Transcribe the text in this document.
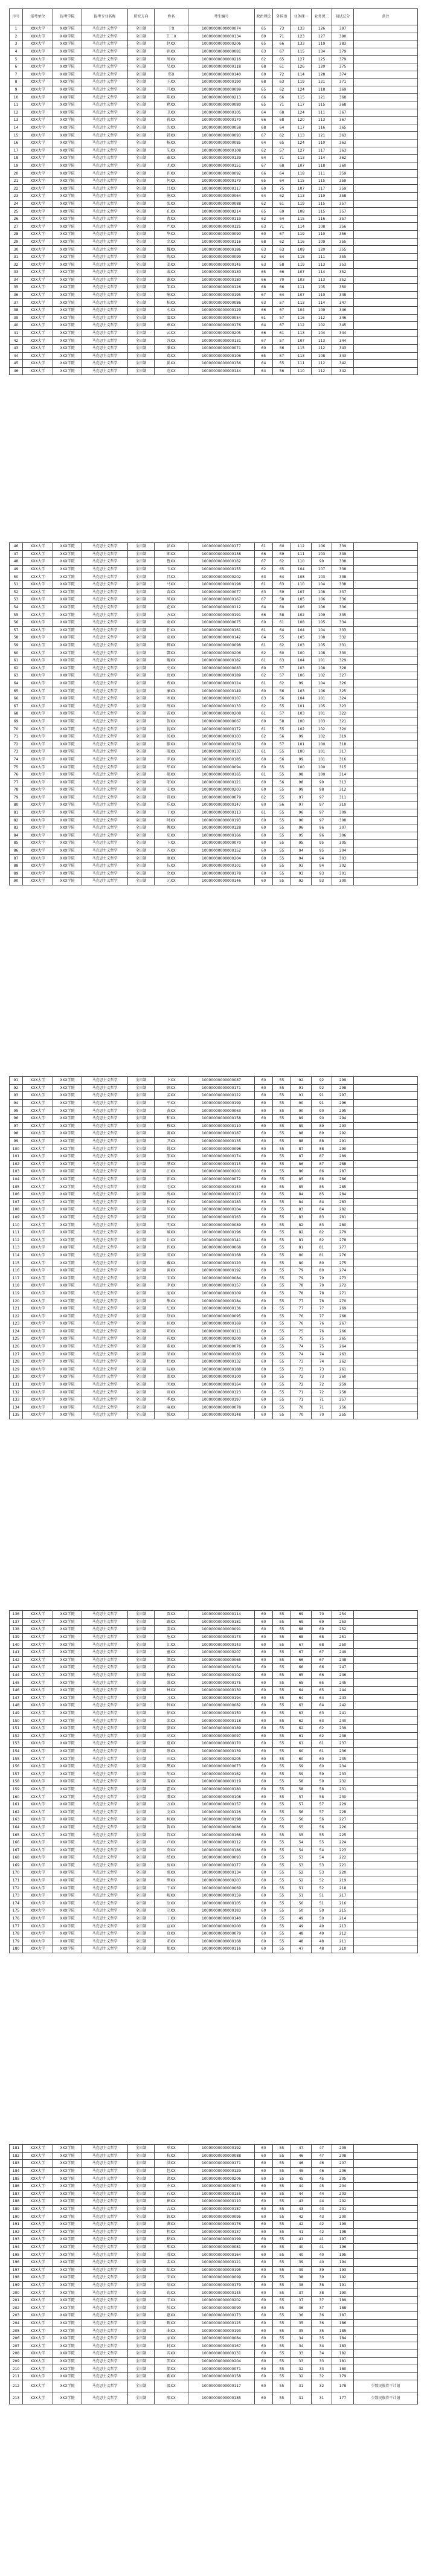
序号	报考单位	报考学院	报考专业名称	研究方向	姓名	考生编号	政治理论	外国语	业务课一	业务课二	初试总分	备注
1	XXX大学	XXX学院	马克思主义哲学	全日制	于X	10000000000000074	65	73	133	126	397	
2	XXX大学	XXX学院	马克思主义哲学	全日制	王二X	10000000000000134	69	71	123	127	390	
3	XXX大学	XXX学院	马克思主义哲学	全日制	赵XX	10000000000000206	65	66	133	119	383	
4	XXX大学	XXX学院	马克思主义哲学	全日制	孙XX	10000000000000081	63	67	115	134	379	
5	XXX大学	XXX学院	马克思主义哲学	全日制	周XX	10000000000000216	62	65	127	125	379	
6	XXX大学	XXX学院	马克思主义哲学	全日制	吴XX	10000000000000118	68	61	126	120	375	
7	XXX大学	XXX学院	马克思主义哲学	全日制	郑X	10000000000000140	60	72	114	128	374	
8	XXX大学	XXX学院	马克思主义哲学	全日制	王XX	10000000000000190	68	63	119	121	371	
9	XXX大学	XXX学院	马克思主义哲学	全日制	冯XX	10000000000000099	65	62	124	118	369	
10	XXX大学	XXX学院	马克思主义哲学	全日制	陈XX	10000000000000213	66	66	115	121	368	
11	XXX大学	XXX学院	马克思主义哲学	全日制	褚XX	10000000000000080	65	71	117	115	368	
12	XXX大学	XXX学院	马克思主义哲学	全日制	卫XX	10000000000000105	64	68	124	111	367	
13	XXX大学	XXX学院	马克思主义哲学	全日制	蒋XX	10000000000000170	66	68	120	113	367	
14	XXX大学	XXX学院	马克思主义哲学	全日制	沈XX	10000000000000058	68	64	117	116	365	
15	XXX大学	XXX学院	马克思主义哲学	全日制	韩XX	10000000000000093	67	62	113	121	363	
16	XXX大学	XXX学院	马克思主义哲学	全日制	杨XX	10000000000000085	64	65	124	110	363	
17	XXX大学	XXX学院	马克思主义哲学	全日制	朱XX	10000000000000108	62	57	127	117	363	
18	XXX大学	XXX学院	马克思主义哲学	全日制	秦XX	10000000000000139	64	71	113	114	362	
19	XXX大学	XXX学院	马克思主义哲学	全日制	尤XX	10000000000000151	67	68	107	118	360	
20	XXX大学	XXX学院	马克思主义哲学	全日制	许XX	10000000000000092	66	64	118	111	359	
21	XXX大学	XXX学院	马克思主义哲学	全日制	何XX	10000000000000179	65	64	115	115	359	
22	XXX大学	XXX学院	马克思主义哲学	全日制	吕XX	10000000000000117	60	75	107	117	359	
23	XXX大学	XXX学院	马克思主义哲学	全日制	施XX	10000000000000064	64	62	113	119	358	
24	XXX大学	XXX学院	马克思主义哲学	全日制	张XX	10000000000000088	62	61	119	115	357	
25	XXX大学	XXX学院	马克思主义哲学	全日制	孔XX	10000000000000214	65	69	108	115	357	
26	XXX大学	XXX学院	马克思主义哲学	全日制	曹XX	10000000000000119	62	64	115	116	357	
27	XXX大学	XXX学院	马克思主义哲学	全日制	严XX	10000000000000125	63	71	114	108	356	
28	XXX大学	XXX学院	马克思主义哲学	全日制	华XX	10000000000000090	60	67	119	110	356	
29	XXX大学	XXX学院	马克思主义哲学	全日制	金XX	10000000000000116	68	62	116	109	355	
30	XXX大学	XXX学院	马克思主义哲学	全日制	魏XX	10000000000000186	63	63	109	120	355	
31	XXX大学	XXX学院	马克思主义哲学	全日制	陶XX	10000000000000099	62	64	118	111	355	
32	XXX大学	XXX学院	马克思主义哲学	全日制	姜XX	10000000000000145	63	58	119	113	353	
33	XXX大学	XXX学院	马克思主义哲学	全日制	戚XX	10000000000000130	65	66	107	114	352	
34	XXX大学	XXX学院	马克思主义哲学	全日制	谢XX	10000000000000180	66	70	103	113	352	
35	XXX大学	XXX学院	马克思主义哲学	全日制	邹XX	10000000000000126	68	66	111	105	350	
36	XXX大学	XXX学院	马克思主义哲学	全日制	喻XX	10000000000000195	67	64	107	110	348	
37	XXX大学	XXX学院	马克思主义哲学	全日制	柏XX	10000000000000086	63	57	113	114	347	
38	XXX大学	XXX学院	马克思主义哲学	全日制	水XX	10000000000000129	66	67	104	109	346	
39	XXX大学	XXX学院	马克思主义哲学	全日制	窦XX	10000000000000054	61	57	116	112	346	
40	XXX大学	XXX学院	马克思主义哲学	全日制	章XX	10000000000000176	64	67	112	102	345	
41	XXX大学	XXX学院	马克思主义哲学	全日制	云XX	10000000000000205	66	61	113	104	344	
42	XXX大学	XXX学院	马克思主义哲学	全日制	苏XX	10000000000000131	67	57	107	113	344	
43	XXX大学	XXX学院	马克思主义哲学	全日制	潘XX	10000000000000071	60	56	115	112	343	
44	XXX大学	XXX学院	马克思主义哲学	全日制	葛XX	10000000000000106	65	57	113	108	343	
45	XXX大学	XXX学院	马克思主义哲学	全日制	奚XX	10000000000000156	64	55	111	112	342	
46	XXX大学	XXX学院	马克思主义哲学	全日制	范XX	10000000000000144	64	56	110	112	342	
46	XXX大学	XXX学院	马克思主义哲学	全日制	彭XX	10000000000000177	61	60	112	106	339	
47	XXX大学	XXX学院	马克思主义哲学	全日制	郎XX	10000000000000138	66	59	111	103	339	
48	XXX大学	XXX学院	马克思主义哲学	全日制	鲁XX	10000000000000162	67	62	110	99	338	
49	XXX大学	XXX学院	马克思主义哲学	全日制	韦XX	10000000000000155	62	65	104	107	338	
50	XXX大学	XXX学院	马克思主义哲学	全日制	昌XX	10000000000000202	63	64	108	103	338	
51	XXX大学	XXX学院	马克思主义哲学	全日制	马XX	10000000000000198	61	63	110	104	338	
52	XXX大学	XXX学院	马克思主义哲学	全日制	苗XX	10000000000000077	63	59	107	108	337	
53	XXX大学	XXX学院	马克思主义哲学	全日制	凤XX	10000000000000167	67	58	105	106	336	
54	XXX大学	XXX学院	马克思主义哲学	全日制	花XX	10000000000000112	64	60	106	106	336	
55	XXX大学	XXX学院	马克思主义哲学	全日制	方XX	10000000000000191	66	58	102	109	335	
56	XXX大学	XXX学院	马克思主义哲学	全日制	俞XX	10000000000000075	60	61	108	105	334	
57	XXX大学	XXX学院	马克思主义哲学	全日制	任XX	10000000000000161	61	64	104	104	333	
58	XXX大学	XXX学院	马克思主义哲学	全日制	袁XX	10000000000000142	64	55	105	108	332	
59	XXX大学	XXX学院	马克思主义哲学	全日制	柳XX	10000000000000098	61	62	103	105	331	
60	XXX大学	XXX学院	马克思主义哲学	全日制	酆XX	10000000000000206	62	60	100	108	330	
61	XXX大学	XXX学院	马克思主义哲学	全日制	鲍XX	10000000000000182	61	63	104	101	329	
62	XXX大学	XXX学院	马克思主义哲学	全日制	史XX	10000000000000083	60	57	103	108	328	
63	XXX大学	XXX学院	马克思主义哲学	全日制	唐XX	10000000000000189	62	57	106	102	327	
64	XXX大学	XXX学院	马克思主义哲学	全日制	费XX	10000000000000124	61	62	99	104	326	
65	XXX大学	XXX学院	马克思主义哲学	全日制	廉XX	10000000000000149	60	56	103	106	325	
66	XXX大学	XXX学院	马克思主义哲学	全日制	岑XX	10000000000000107	63	56	104	101	324	
67	XXX大学	XXX学院	马克思主义哲学	全日制	薛XX	10000000000000133	62	55	101	105	323	
68	XXX大学	XXX学院	马克思主义哲学	全日制	雷XX	10000000000000208	61	57	103	101	322	
69	XXX大学	XXX学院	马克思主义哲学	全日制	贺XX	10000000000000067	60	58	100	103	321	
70	XXX大学	XXX学院	马克思主义哲学	全日制	倪XX	10000000000000172	61	55	102	102	320	
71	XXX大学	XXX学院	马克思主义哲学	全日制	汤XX	10000000000000103	62	56	99	102	319	
72	XXX大学	XXX学院	马克思主义哲学	全日制	滕XX	10000000000000159	60	57	101	100	318	
73	XXX大学	XXX学院	马克思主义哲学	全日制	殷XX	10000000000000137	61	55	100	101	317	
74	XXX大学	XXX学院	马克思主义哲学	全日制	罗XX	10000000000000185	60	56	99	101	316	
75	XXX大学	XXX学院	马克思主义哲学	全日制	毕XX	10000000000000094	60	55	100	100	315	
76	XXX大学	XXX学院	马克思主义哲学	全日制	郝XX	10000000000000165	61	55	98	100	314	
77	XXX大学	XXX学院	马克思主义哲学	全日制	邬XX	10000000000000121	60	56	98	99	313	
78	XXX大学	XXX学院	马克思主义哲学	全日制	安XX	10000000000000203	60	55	99	98	312	
79	XXX大学	XXX学院	马克思主义哲学	全日制	常XX	10000000000000079	62	55	97	97	311	
80	XXX大学	XXX学院	马克思主义哲学	全日制	乐XX	10000000000000147	60	56	97	97	310	
81	XXX大学	XXX学院	马克思主义哲学	全日制	于XX	10000000000000113	61	55	96	97	309	
82	XXX大学	XXX学院	马克思主义哲学	全日制	时XX	10000000000000193	60	55	96	97	308	
83	XXX大学	XXX学院	马克思主义哲学	全日制	傅XX	10000000000000128	60	55	96	96	307	
84	XXX大学	XXX学院	马克思主义哲学	全日制	皮XX	10000000000000166	60	55	95	96	306	
85	XXX大学	XXX学院	马克思主义哲学	全日制	卞XX	10000000000000070	60	55	95	95	305	
86	XXX大学	XXX学院	马克思主义哲学	全日制	齐XX	10000000000000152	60	55	94	95	304	
87	XXX大学	XXX学院	马克思主义哲学	全日制	康XX	10000000000000204	60	55	94	94	303	
88	XXX大学	XXX学院	马克思主义哲学	全日制	伍XX	10000000000000101	60	55	93	94	302	
89	XXX大学	XXX学院	马克思主义哲学	全日制	余XX	10000000000000178	60	55	93	93	301	
90	XXX大学	XXX学院	马克思主义哲学	全日制	元XX	10000000000000146	60	55	92	93	300	
91	XXX大学	XXX学院	马克思主义哲学	全日制	卜XX	10000000000000087	60	55	92	92	299	
92	XXX大学	XXX学院	马克思主义哲学	全日制	顾XX	10000000000000171	60	55	91	92	298	
93	XXX大学	XXX学院	马克思主义哲学	全日制	孟XX	10000000000000122	60	55	91	91	297	
94	XXX大学	XXX学院	马克思主义哲学	全日制	平XX	10000000000000199	60	55	90	91	296	
95	XXX大学	XXX学院	马克思主义哲学	全日制	黄XX	10000000000000063	60	55	90	90	295	
96	XXX大学	XXX学院	马克思主义哲学	全日制	和XX	10000000000000158	60	55	89	90	294	
97	XXX大学	XXX学院	马克思主义哲学	全日制	穆XX	10000000000000110	60	55	89	89	293	
98	XXX大学	XXX学院	马克思主义哲学	全日制	萧XX	10000000000000187	60	55	88	89	292	
99	XXX大学	XXX学院	马克思主义哲学	全日制	尹XX	10000000000000135	60	55	88	88	291	
100	XXX大学	XXX学院	马克思主义哲学	全日制	姚XX	10000000000000096	60	55	87	88	290	
101	XXX大学	XXX学院	马克思主义哲学	全日制	邵XX	10000000000000174	60	55	87	87	289	
102	XXX大学	XXX学院	马克思主义哲学	全日制	湛XX	10000000000000115	60	55	86	87	288	
103	XXX大学	XXX学院	马克思主义哲学	全日制	汪XX	10000000000000201	60	55	86	86	287	
104	XXX大学	XXX学院	马克思主义哲学	全日制	祁XX	10000000000000072	60	55	85	86	286	
105	XXX大学	XXX学院	马克思主义哲学	全日制	毛XX	10000000000000153	60	55	85	85	285	
106	XXX大学	XXX学院	马克思主义哲学	全日制	禹XX	10000000000000127	60	55	84	85	284	
107	XXX大学	XXX学院	马克思主义哲学	全日制	狄XX	10000000000000183	60	55	84	84	283	
108	XXX大学	XXX学院	马克思主义哲学	全日制	米XX	10000000000000104	60	55	83	84	282	
109	XXX大学	XXX学院	马克思主义哲学	全日制	贝XX	10000000000000163	60	55	83	83	281	
110	XXX大学	XXX学院	马克思主义哲学	全日制	明XX	10000000000000089	60	55	82	83	280	
111	XXX大学	XXX学院	马克思主义哲学	全日制	臧XX	10000000000000196	60	55	82	82	279	
112	XXX大学	XXX学院	马克思主义哲学	全日制	计XX	10000000000000141	60	55	81	82	278	
113	XXX大学	XXX学院	马克思主义哲学	全日制	伏XX	10000000000000068	60	55	81	81	277	
114	XXX大学	XXX学院	马克思主义哲学	全日制	成XX	10000000000000168	60	55	80	81	276	
115	XXX大学	XXX学院	马克思主义哲学	全日制	戴XX	10000000000000120	60	55	80	80	275	
116	XXX大学	XXX学院	马克思主义哲学	全日制	谈XX	10000000000000192	60	55	79	80	274	
117	XXX大学	XXX学院	马克思主义哲学	全日制	宋XX	10000000000000084	60	55	79	79	273	
118	XXX大学	XXX学院	马克思主义哲学	全日制	茅XX	10000000000000157	60	55	78	79	272	
119	XXX大学	XXX学院	马克思主义哲学	全日制	庞XX	10000000000000109	60	55	78	78	271	
120	XXX大学	XXX学院	马克思主义哲学	全日制	熊XX	10000000000000184	60	55	77	78	270	
121	XXX大学	XXX学院	马克思主义哲学	全日制	纪XX	10000000000000136	60	55	77	77	269	
122	XXX大学	XXX学院	马克思主义哲学	全日制	舒XX	10000000000000095	60	55	76	77	268	
123	XXX大学	XXX学院	马克思主义哲学	全日制	屈XX	10000000000000169	60	55	76	76	267	
124	XXX大学	XXX学院	马克思主义哲学	全日制	项XX	10000000000000111	60	55	75	76	266	
125	XXX大学	XXX学院	马克思主义哲学	全日制	祝XX	10000000000000200	60	55	75	75	265	
126	XXX大学	XXX学院	马克思主义哲学	全日制	董XX	10000000000000076	60	55	74	75	264	
127	XXX大学	XXX学院	马克思主义哲学	全日制	梁XX	10000000000000160	60	55	74	74	263	
128	XXX大学	XXX学院	马克思主义哲学	全日制	杜XX	10000000000000132	60	55	73	74	262	
129	XXX大学	XXX学院	马克思主义哲学	全日制	阮XX	10000000000000188	60	55	73	73	261	
130	XXX大学	XXX学院	马克思主义哲学	全日制	蓝XX	10000000000000100	60	55	72	73	260	
131	XXX大学	XXX学院	马克思主义哲学	全日制	闵XX	10000000000000164	60	55	72	72	259	
132	XXX大学	XXX学院	马克思主义哲学	全日制	席XX	10000000000000123	60	55	71	72	258	
133	XXX大学	XXX学院	马克思主义哲学	全日制	季XX	10000000000000197	60	55	71	71	257	
134	XXX大学	XXX学院	马克思主义哲学	全日制	麻XX	10000000000000078	60	55	70	71	256	
135	XXX大学	XXX学院	马克思主义哲学	全日制	强XX	10000000000000148	60	55	70	70	255	
136	XXX大学	XXX学院	马克思主义哲学	全日制	贾XX	10000000000000114	60	55	69	70	254	
137	XXX大学	XXX学院	马克思主义哲学	全日制	路XX	10000000000000181	60	55	69	69	253	
138	XXX大学	XXX学院	马克思主义哲学	全日制	娄XX	10000000000000091	60	55	68	69	252	
139	XXX大学	XXX学院	马克思主义哲学	全日制	危XX	10000000000000173	60	55	68	68	251	
140	XXX大学	XXX学院	马克思主义哲学	全日制	江XX	10000000000000143	60	55	67	68	250	
141	XXX大学	XXX学院	马克思主义哲学	全日制	童XX	10000000000000207	60	55	67	67	249	
142	XXX大学	XXX学院	马克思主义哲学	全日制	颜XX	10000000000000065	60	55	66	67	248	
143	XXX大学	XXX学院	马克思主义哲学	全日制	郭XX	10000000000000154	60	55	66	66	247	
144	XXX大学	XXX学院	马克思主义哲学	全日制	梅XX	10000000000000102	60	55	65	66	246	
145	XXX大学	XXX学院	马克思主义哲学	全日制	盛XX	10000000000000175	60	55	65	65	245	
146	XXX大学	XXX学院	马克思主义哲学	全日制	林XX	10000000000000130	60	55	64	65	244	
147	XXX大学	XXX学院	马克思主义哲学	全日制	刁XX	10000000000000194	60	55	64	64	243	
148	XXX大学	XXX学院	马克思主义哲学	全日制	钟XX	10000000000000082	60	55	63	64	242	
149	XXX大学	XXX学院	马克思主义哲学	全日制	徐XX	10000000000000150	60	55	63	63	241	
150	XXX大学	XXX学院	马克思主义哲学	全日制	邱XX	10000000000000118	60	55	62	63	240	
151	XXX大学	XXX学院	马克思主义哲学	全日制	骆XX	10000000000000189	60	55	62	62	239	
152	XXX大学	XXX学院	马克思主义哲学	全日制	高XX	10000000000000097	60	55	61	62	238	
153	XXX大学	XXX学院	马克思主义哲学	全日制	夏XX	10000000000000170	60	55	61	61	237	
154	XXX大学	XXX学院	马克思主义哲学	全日制	蔡XX	10000000000000139	60	55	60	61	236	
155	XXX大学	XXX学院	马克思主义哲学	全日制	田XX	10000000000000205	60	55	60	60	235	
156	XXX大学	XXX学院	马克思主义哲学	全日制	樊XX	10000000000000073	60	55	59	60	234	
157	XXX大学	XXX学院	马克思主义哲学	全日制	胡XX	10000000000000162	60	55	59	59	233	
158	XXX大学	XXX学院	马克思主义哲学	全日制	凌XX	10000000000000119	60	55	58	59	232	
159	XXX大学	XXX学院	马克思主义哲学	全日制	霍XX	10000000000000180	60	55	58	58	231	
160	XXX大学	XXX学院	马克思主义哲学	全日制	虞XX	10000000000000108	60	55	57	58	230	
161	XXX大学	XXX学院	马克思主义哲学	全日制	万XX	10000000000000157	60	55	57	57	229	
162	XXX大学	XXX学院	马克思主义哲学	全日制	支XX	10000000000000126	60	55	56	57	228	
163	XXX大学	XXX学院	马克思主义哲学	全日制	柯XX	10000000000000198	60	55	56	56	227	
164	XXX大学	XXX学院	马克思主义哲学	全日制	昝XX	10000000000000086	60	55	55	56	226	
165	XXX大学	XXX学院	马克思主义哲学	全日制	管XX	10000000000000166	60	55	55	55	225	
166	XXX大学	XXX学院	马克思主义哲学	全日制	卢XX	10000000000000112	60	55	54	55	224	
167	XXX大学	XXX学院	马克思主义哲学	全日制	莫XX	10000000000000186	60	55	54	54	223	
168	XXX大学	XXX学院	马克思主义哲学	全日制	经XX	10000000000000093	60	55	53	54	222	
169	XXX大学	XXX学院	马克思主义哲学	全日制	房XX	10000000000000177	60	55	53	53	221	
170	XXX大学	XXX学院	马克思主义哲学	全日制	裘XX	10000000000000134	60	55	52	53	220	
171	XXX大学	XXX学院	马克思主义哲学	全日制	缪XX	10000000000000203	60	55	52	52	219	
172	XXX大学	XXX学院	马克思主义哲学	全日制	干XX	10000000000000069	60	55	51	52	218	
173	XXX大学	XXX学院	马克思主义哲学	全日制	解XX	10000000000000159	60	55	51	51	217	
174	XXX大学	XXX学院	马克思主义哲学	全日制	应XX	10000000000000105	60	55	50	51	216	
175	XXX大学	XXX学院	马克思主义哲学	全日制	宗XX	10000000000000183	60	55	50	50	215	
176	XXX大学	XXX学院	马克思主义哲学	全日制	丁XX	10000000000000140	60	55	49	50	214	
177	XXX大学	XXX学院	马克思主义哲学	全日制	宣XX	10000000000000200	60	55	49	49	213	
178	XXX大学	XXX学院	马克思主义哲学	全日制	贲XX	10000000000000079	60	55	48	49	212	
179	XXX大学	XXX学院	马克思主义哲学	全日制	邓XX	10000000000000168	60	55	48	48	211	
180	XXX大学	XXX学院	马克思主义哲学	全日制	郁XX	10000000000000116	60	55	47	48	210	
181	XXX大学	XXX学院	马克思主义哲学	全日制	单XX	10000000000000192	60	55	47	47	209	
182	XXX大学	XXX学院	马克思主义哲学	全日制	杭XX	10000000000000088	60	55	46	47	208	
183	XXX大学	XXX学院	马克思主义哲学	全日制	洪XX	10000000000000171	60	55	46	46	207	
184	XXX大学	XXX学院	马克思主义哲学	全日制	包XX	10000000000000129	60	55	45	46	206	
185	XXX大学	XXX学院	马克思主义哲学	全日制	诸XX	10000000000000206	60	55	45	45	205	
186	XXX大学	XXX学院	马克思主义哲学	全日制	左XX	10000000000000074	60	55	44	45	204	
187	XXX大学	XXX学院	马克思主义哲学	全日制	石XX	10000000000000155	60	55	44	44	203	
188	XXX大学	XXX学院	马克思主义哲学	全日制	崔XX	10000000000000110	60	55	43	44	202	
189	XXX大学	XXX学院	马克思主义哲学	全日制	吉XX	10000000000000187	60	55	43	43	201	
190	XXX大学	XXX学院	马克思主义哲学	全日制	钮XX	10000000000000095	60	55	42	43	200	
191	XXX大学	XXX学院	马克思主义哲学	全日制	龚XX	10000000000000176	60	55	42	42	199	
192	XXX大学	XXX学院	马克思主义哲学	全日制	程XX	10000000000000137	60	55	41	42	198	
193	XXX大学	XXX学院	马克思主义哲学	全日制	嵇XX	10000000000000199	60	55	41	41	197	
194	XXX大学	XXX学院	马克思主义哲学	全日制	邢XX	10000000000000081	60	55	40	41	196	
195	XXX大学	XXX学院	马克思主义哲学	全日制	滑XX	10000000000000164	60	55	40	40	195	
196	XXX大学	XXX学院	马克思主义哲学	全日制	裴XX	10000000000000121	60	55	39	40	194	
197	XXX大学	XXX学院	马克思主义哲学	全日制	陆XX	10000000000000195	60	55	39	39	193	
198	XXX大学	XXX学院	马克思主义哲学	全日制	荣XX	10000000000000099	60	55	38	39	192	
199	XXX大学	XXX学院	马克思主义哲学	全日制	翁XX	10000000000000179	60	55	38	38	191	
200	XXX大学	XXX学院	马克思主义哲学	全日制	荀XX	10000000000000145	60	55	37	38	190	
201	XXX大学	XXX学院	马克思主义哲学	全日制	羊XX	10000000000000202	60	55	37	37	189	
202	XXX大学	XXX学院	马克思主义哲学	全日制	於XX	10000000000000090	60	55	36	37	188	
203	XXX大学	XXX学院	马克思主义哲学	全日制	惠XX	10000000000000173	60	55	36	36	187	
204	XXX大学	XXX学院	马克思主义哲学	全日制	甄XX	10000000000000125	60	55	35	36	186	
205	XXX大学	XXX学院	马克思主义哲学	全日制	曲XX	10000000000000193	60	55	35	35	185	
206	XXX大学	XXX学院	马克思主义哲学	全日制	家XX	10000000000000084	60	55	34	35	184	
207	XXX大学	XXX学院	马克思主义哲学	全日制	封XX	10000000000000167	60	55	34	34	183	
208	XXX大学	XXX学院	马克思主义哲学	全日制	芮XX	10000000000000131	60	55	33	34	182	
209	XXX大学	XXX学院	马克思主义哲学	全日制	羿XX	10000000000000204	60	55	33	33	181	
210	XXX大学	XXX学院	马克思主义哲学	全日制	储XX	10000000000000071	60	55	32	33	180	
211	XXX大学	XXX学院	马克思主义哲学	全日制	靳XX	10000000000000158	60	55	32	32	179	
212	XXX大学	XXX学院	马克思主义哲学	全日制	汲XX	10000000000000117	60	55	31	32	178	少数民族骨干计划
213	XXX大学	XXX学院	马克思主义哲学	全日制	邴XX	10000000000000185	60	55	31	31	177	少数民族骨干计划
